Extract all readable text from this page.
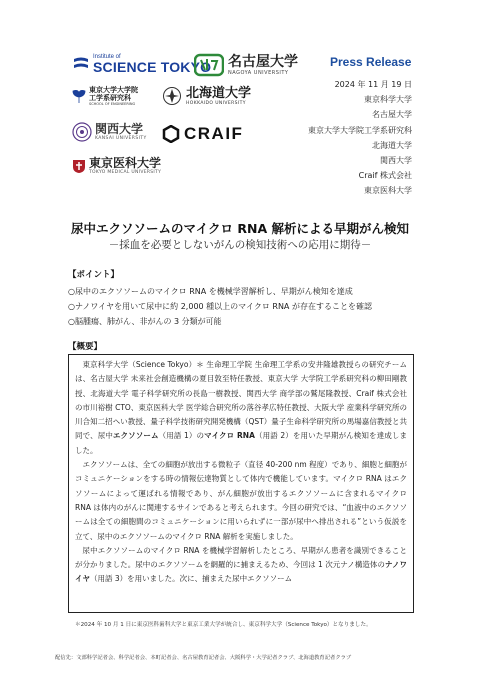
Institute of
SCIENCE TOKYO 名古屋大学
NAGOYA UNIVERSITY
Press Release
東京大学大学院
工学系研究科
SCHOOL OF ENGINEERING
北海道大学
HOKKAIDO UNIVERSITY
関西大学
KANSAI UNIVERSITY CRAIF
東京医科大学
TOKYO MEDICAL UNIVERSITY
2024 年 11 月 19 日
東京科学大学
名古屋大学
東京大学大学院工学系研究科
北海道大学
関西大学
Craif 株式会社
東京医科大学
尿中エクソソームのマイクロ RNA 解析による早期がん検知
－採血を必要としないがんの検知技術への応用に期待－
【ポイント】
○尿中のエクソソームのマイクロ RNA を機械学習解析し、早期がん検知を達成
○ナノワイヤを用いて尿中に約 2,000 種以上のマイクロ RNA が存在することを確認
○脳腫瘍、肺がん、非がんの 3 分類が可能
【概要】

東京科学大学（Science Tokyo）＊ 生命理工学院 生命理工学系の安井隆雄教授らの研究チームは、名古屋大学 未来社会創造機構の夏目敦至特任教授、東京大学 大学院工学系研究科の柳田剛教授、北海道大学 電子科学研究所の長島一樹教授、関西大学 商学部の鷲尾隆教授、Craif 株式会社の市川裕樹 CTO、東京医科大学 医学総合研究所の落谷孝広特任教授、大阪大学 産業科学研究所の川合知二招へい教授、量子科学技術研究開発機構（QST）量子生命科学研究所の馬場嘉信教授と共同で、尿中エクソソーム（用語 1）のマイクロ RNA（用語 2）を用いた早期がん検知を達成しました。

エクソソームは、全ての細胞が放出する微粒子（直径 40-200 nm 程度）であり、細胞と細胞がコミュニケーションをする時の情報伝達物質として体内で機能しています。マイクロ RNA はエクソソームによって運ばれる情報であり、がん細胞が放出するエクソソームに含まれるマイクロ RNA は体内のがんに関連するサインであると考えられます。今回の研究では、“血液中のエクソソームは全ての細胞間のコミュニケーションに用いられずに一部が尿中へ排出される”という仮説を立て、尿中のエクソソームのマイクロ RNA 解析を実施しました。

尿中エクソソームのマイクロ RNA を機械学習解析したところ、早期がん患者を識別できることが分かりました。尿中のエクソソームを網羅的に捕まえるため、今回は 1 次元ナノ構造体のナノワイヤ（用語 3）を用いました。次に、捕まえた尿中エクソソーム

＊2024 年 10 月 1 日に東京医科歯科大学と東京工業大学が統合し、東京科学大学（Science Tokyo）となりました。
配信先：文部科学記者会、科学記者会、本町記者会、名古屋教育記者会、大阪科学・大学記者クラブ、北海道教育記者クラブ
